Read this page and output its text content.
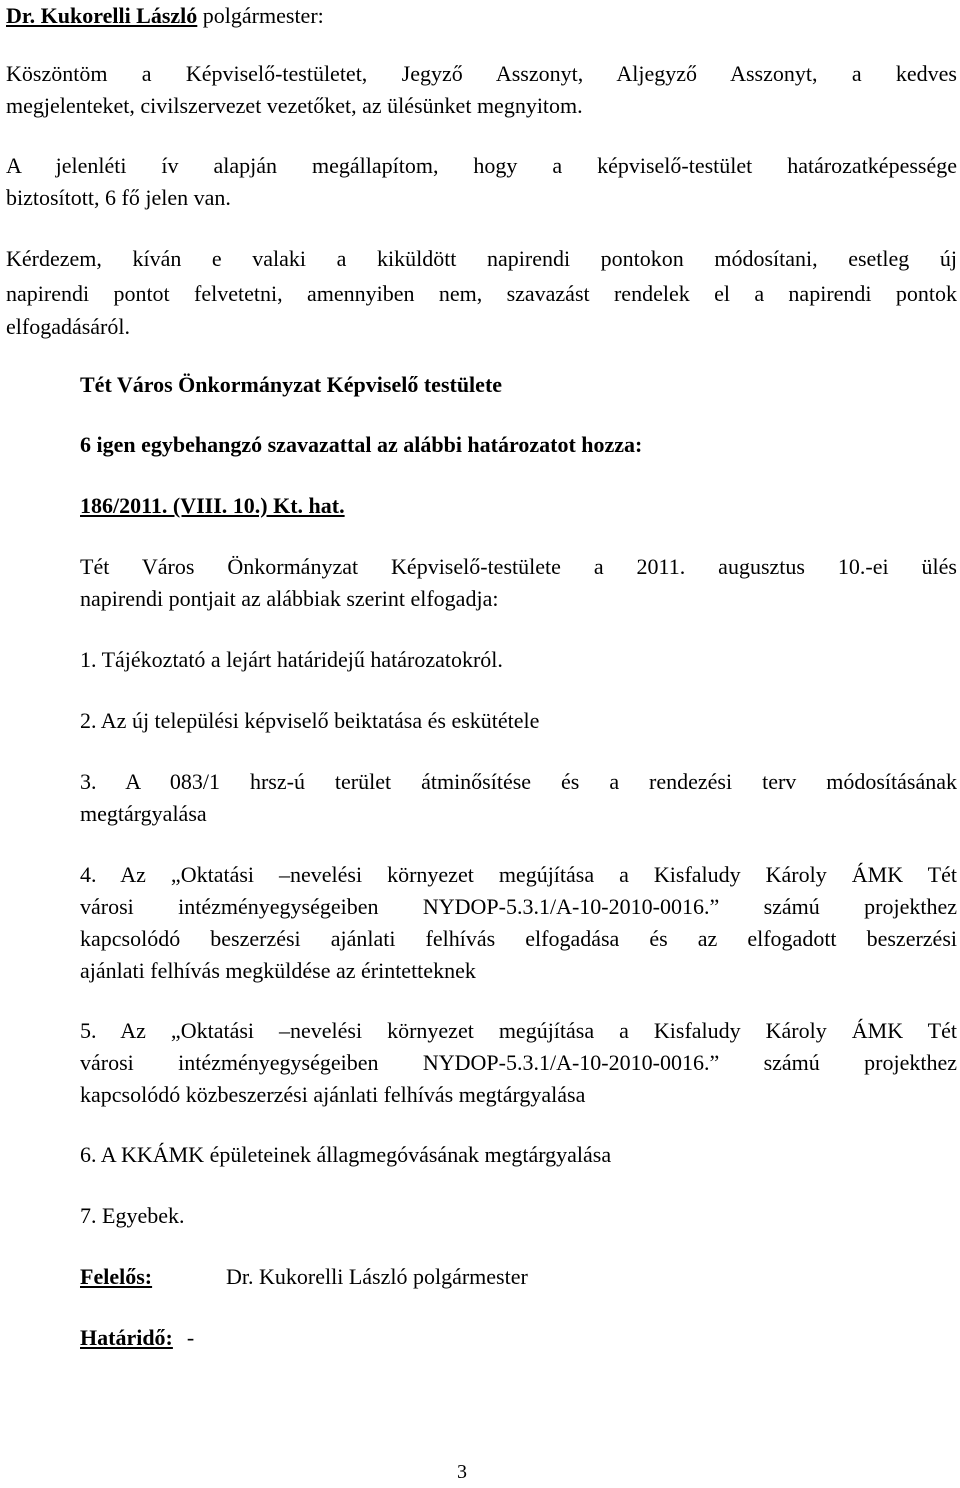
Dr. Kukorelli László polgármester:

Köszöntöm a Képviselő-testületet, Jegyző Asszonyt, Aljegyző Asszonyt, a kedves

megjelenteket, civilszervezet vezetőket, az ülésünket megnyitom.

A jelenléti ív alapján megállapítom, hogy a képviselő-testület határozatképessége

biztosított, 6 fő jelen van.

Kérdezem, kíván e valaki a kiküldött napirendi pontokon módosítani, esetleg új

napirendi pontot felvetetni, amennyiben nem, szavazást rendelek el a napirendi pontok

elfogadásáról.

Tét Város Önkormányzat Képviselő testülete

6 igen egybehangzó szavazattal az alábbi határozatot hozza:

186/2011. (VIII. 10.) Kt. hat.

Tét Város Önkormányzat Képviselő-testülete a 2011. augusztus 10.-ei ülés

napirendi pontjait az alábbiak szerint elfogadja:

1. Tájékoztató a lejárt határidejű határozatokról.

2. Az új települési képviselő beiktatása és eskütétele

3. A 083/1 hrsz-ú terület átminősítése és a rendezési terv módosításának

megtárgyalása

4. Az „Oktatási –nevelési környezet megújítása a Kisfaludy Károly ÁMK Tét

városi intézményegységeiben NYDOP-5.3.1/A-10-2010-0016.” számú projekthez

kapcsolódó beszerzési ajánlati felhívás elfogadása és az elfogadott beszerzési

ajánlati felhívás megküldése az érintetteknek

5. Az „Oktatási –nevelési környezet megújítása a Kisfaludy Károly ÁMK Tét

városi intézményegységeiben NYDOP-5.3.1/A-10-2010-0016.” számú projekthez

kapcsolódó közbeszerzési ajánlati felhívás megtárgyalása

6. A KKÁMK épületeinek állagmegóvásának megtárgyalása

7. Egyebek.

Felelős:	Dr. Kukorelli László polgármester

Határidő: -

3
